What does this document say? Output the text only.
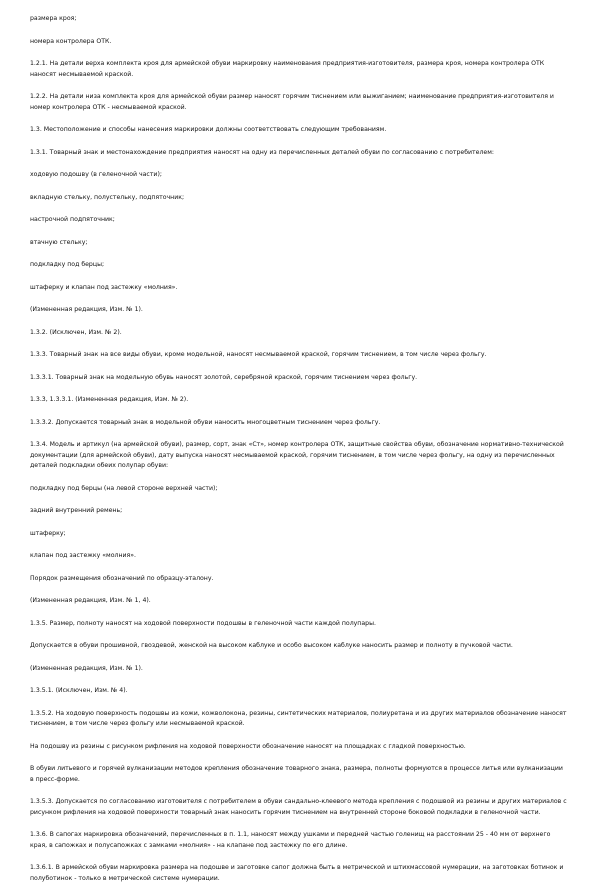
размера кроя;

номера контролера ОТК.

1.2.1. На детали верха комплекта кроя для армейской обуви маркировку наименования предприятия-изготовителя, размера кроя, номера контролера ОТК наносят несмываемой краской.

1.2.2. На детали низа комплекта кроя для армейской обуви размер наносят горячим тиснением или выжиганием; наименование предприятия-изготовителя и номер контролера ОТК - несмываемой краской.

1.3. Местоположение и способы нанесения маркировки должны соответствовать следующим требованиям.

1.3.1. Товарный знак и местонахождение предприятия наносят на одну из перечисленных деталей обуви по согласованию с потребителем:

ходовую подошву (в геленочной части);

вкладную стельку, полустельку, подпяточник;

настрочной подпяточник;

втачную стельку;

подкладку под берцы;

штаферку и клапан под застежку «молния».

(Измененная редакция, Изм. № 1).

1.3.2. (Исключен, Изм. № 2).

1.3.3. Товарный знак на все виды обуви, кроме модельной, наносят несмываемой краской, горячим тиснением, в том числе через фольгу.

1.3.3.1. Товарный знак на модельную обувь наносят золотой, серебряной краской, горячим тиснением через фольгу.

1.3.3, 1.3.3.1. (Измененная редакция, Изм. № 2).

1.3.3.2. Допускается товарный знак в модельной обуви наносить многоцветным тиснением через фольгу.

1.3.4. Модель и артикул (на армейской обуви), размер, сорт, знак «Ст», номер контролера ОТК, защитные свойства обуви, обозначение нормативно-технической документации (для армейской обуви), дату выпуска наносят несмываемой краской, горячим тиснением, в том числе через фольгу, на одну из перечисленных деталей подкладки обеих полупар обуви:

подкладку под берцы (на левой стороне верхней части);

задний внутренний ремень;

штаферку;

клапан под застежку «молния».

Порядок размещения обозначений по образцу-эталону.

(Измененная редакция, Изм. № 1, 4).

1.3.5. Размер, полноту наносят на ходовой поверхности подошвы в геленочной части каждой полупары.

Допускается в обуви прошивной, гвоздевой, женской на высоком каблуке и особо высоком каблуке наносить размер и полноту в пучковой части.

(Измененная редакция, Изм. № 1).

1.3.5.1. (Исключен, Изм. № 4).

1.3.5.2. На ходовую поверхность подошвы из кожи, кожволокона, резины, синтетических материалов, полиуретана и из других материалов обозначение наносят тиснением, в том числе через фольгу или несмываемой краской.

На подошву из резины с рисунком рифления на ходовой поверхности обозначение наносят на площадках с гладкой поверхностью.

В обуви литьевого и горячей вулканизации методов крепления обозначение товарного знака, размера, полноты формуются в процессе литья или вулканизации в пресс-форме.

1.3.5.3. Допускается по согласованию изготовителя с потребителем в обуви сандально-клеевого метода крепления с подошвой из резины и других материалов с рисунком рифления на ходовой поверхности товарный знак наносить горячим тиснением на внутренней стороне боковой подкладки в геленочной части.

1.3.6. В сапогах маркировка обозначений, перечисленных в п. 1.1, наносят между ушками и передней частью голенищ на расстоянии 25 - 40 мм от верхнего края, в сапожках и полусапожках с замками «молния» - на клапане под застежку по его длине.

1.3.6.1. В армейской обуви маркировка размера на подошве и заготовке сапог должна быть в метрической и штихмассовой нумерации, на заготовках ботинок и полуботинок - только в метрической системе нумерации.
